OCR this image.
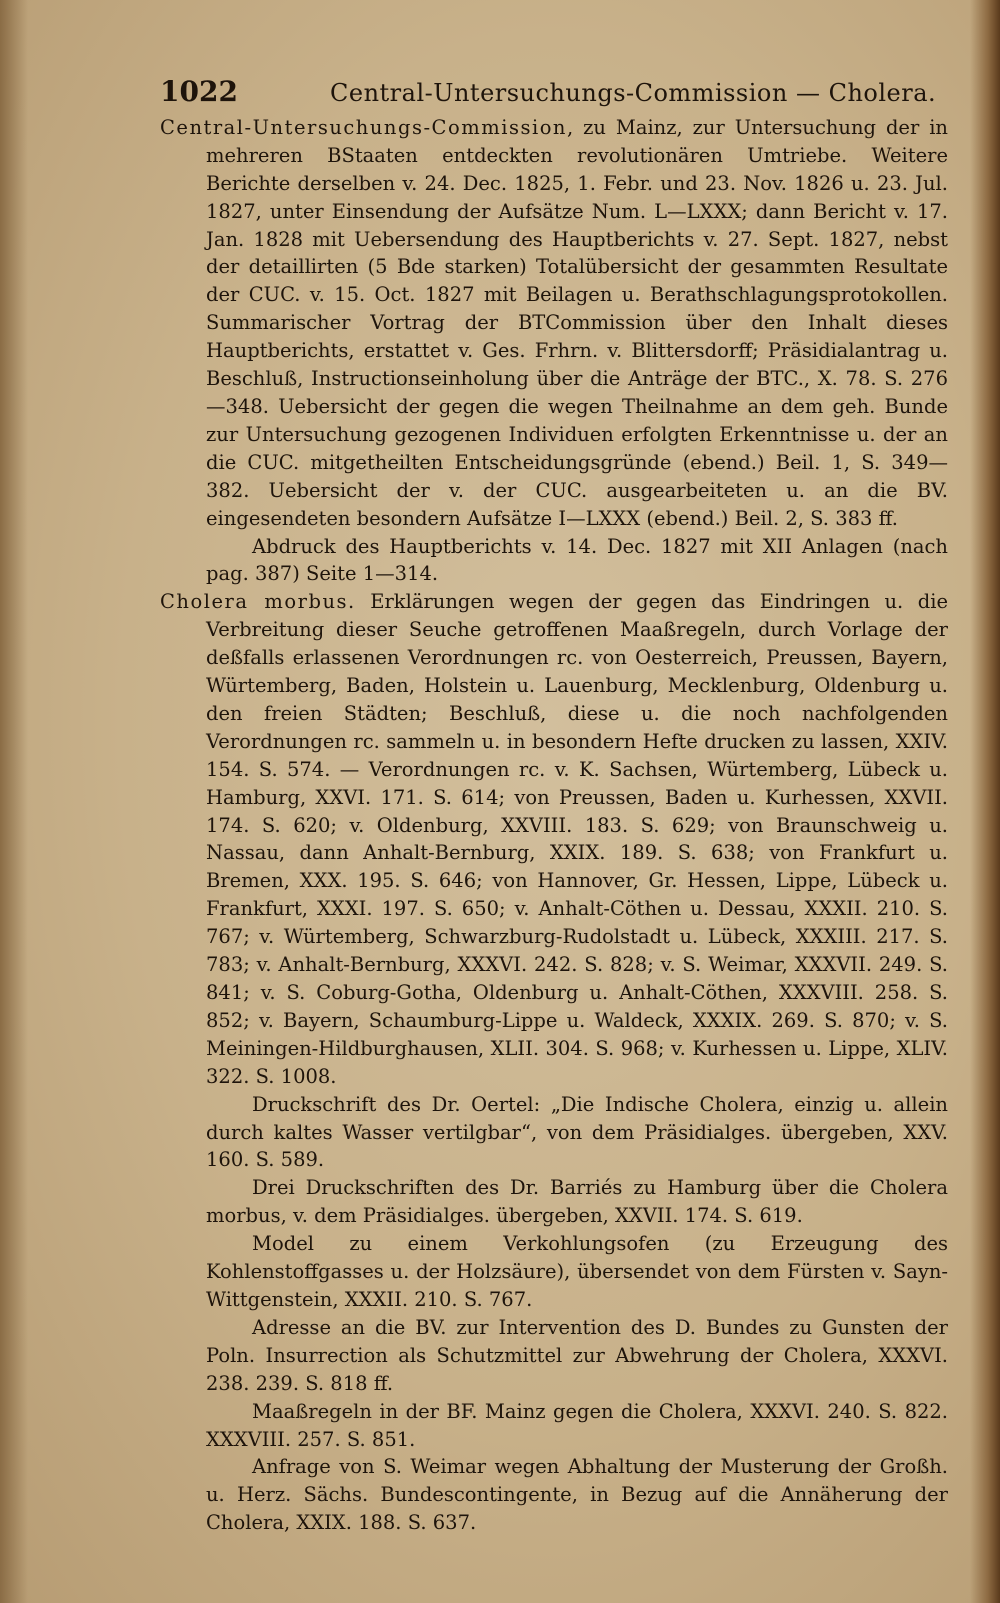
1022	Central-Untersuchungs-Commission — Cholera.

Central-Untersuchungs-Commission, zu Mainz, zur Untersuchung der in mehreren BStaaten entdeckten revolutionären Umtriebe. Weitere Berichte derselben v. 24. Dec. 1825, 1. Febr. und 23. Nov. 1826 u. 23. Jul. 1827, unter Einsendung der Aufsätze Num. L—LXXX; dann Bericht v. 17. Jan. 1828 mit Uebersendung des Hauptberichts v. 27. Sept. 1827, nebst der detaillirten (5 Bde starken) Totalübersicht der gesammten Resultate der CUC. v. 15. Oct. 1827 mit Beilagen u. Berathschlagungsprotokollen. Summarischer Vortrag der BTCommission über den Inhalt dieses Hauptberichts, erstattet v. Ges. Frhrn. v. Blittersdorff; Präsidialantrag u. Beschluß, Instructionseinholung über die Anträge der BTC., X. 78. S. 276—348. Uebersicht der gegen die wegen Theilnahme an dem geh. Bunde zur Untersuchung gezogenen Individuen erfolgten Erkenntnisse u. der an die CUC. mitgetheilten Entscheidungsgründe (ebend.) Beil. 1, S. 349—382. Uebersicht der v. der CUC. ausgearbeiteten u. an die BV. eingesendeten besondern Aufsätze I—LXXX (ebend.) Beil. 2, S. 383 ff.

Abdruck des Hauptberichts v. 14. Dec. 1827 mit XII Anlagen (nach pag. 387) Seite 1—314.

Cholera morbus. Erklärungen wegen der gegen das Eindringen u. die Verbreitung dieser Seuche getroffenen Maaßregeln, durch Vorlage der deßfalls erlassenen Verordnungen rc. von Oesterreich, Preussen, Bayern, Würtemberg, Baden, Holstein u. Lauenburg, Mecklenburg, Oldenburg u. den freien Städten; Beschluß, diese u. die noch nachfolgenden Verordnungen rc. sammeln u. in besondern Hefte drucken zu lassen, XXIV. 154. S. 574. — Verordnungen rc. v. K. Sachsen, Würtemberg, Lübeck u. Hamburg, XXVI. 171. S. 614; von Preussen, Baden u. Kurhessen, XXVII. 174. S. 620; v. Oldenburg, XXVIII. 183. S. 629; von Braunschweig u. Nassau, dann Anhalt-Bernburg, XXIX. 189. S. 638; von Frankfurt u. Bremen, XXX. 195. S. 646; von Hannover, Gr. Hessen, Lippe, Lübeck u. Frankfurt, XXXI. 197. S. 650; v. Anhalt-Cöthen u. Dessau, XXXII. 210. S. 767; v. Würtemberg, Schwarzburg-Rudolstadt u. Lübeck, XXXIII. 217. S. 783; v. Anhalt-Bernburg, XXXVI. 242. S. 828; v. S. Weimar, XXXVII. 249. S. 841; v. S. Coburg-Gotha, Oldenburg u. Anhalt-Cöthen, XXXVIII. 258. S. 852; v. Bayern, Schaumburg-Lippe u. Waldeck, XXXIX. 269. S. 870; v. S. Meiningen-Hildburghausen, XLII. 304. S. 968; v. Kurhessen u. Lippe, XLIV. 322. S. 1008.

Druckschrift des Dr. Oertel: „Die Indische Cholera, einzig u. allein durch kaltes Wasser vertilgbar“, von dem Präsidialges. übergeben, XXV. 160. S. 589.

Drei Druckschriften des Dr. Barriés zu Hamburg über die Cholera morbus, v. dem Präsidialges. übergeben, XXVII. 174. S. 619.

Model zu einem Verkohlungsofen (zu Erzeugung des Kohlenstoffgasses u. der Holzsäure), übersendet von dem Fürsten v. Sayn-Wittgenstein, XXXII. 210. S. 767.

Adresse an die BV. zur Intervention des D. Bundes zu Gunsten der Poln. Insurrection als Schutzmittel zur Abwehrung der Cholera, XXXVI. 238. 239. S. 818 ff.

Maaßregeln in der BF. Mainz gegen die Cholera, XXXVI. 240. S. 822. XXXVIII. 257. S. 851.

Anfrage von S. Weimar wegen Abhaltung der Musterung der Großh. u. Herz. Sächs. Bundescontingente, in Bezug auf die Annäherung der Cholera, XXIX. 188. S. 637.
